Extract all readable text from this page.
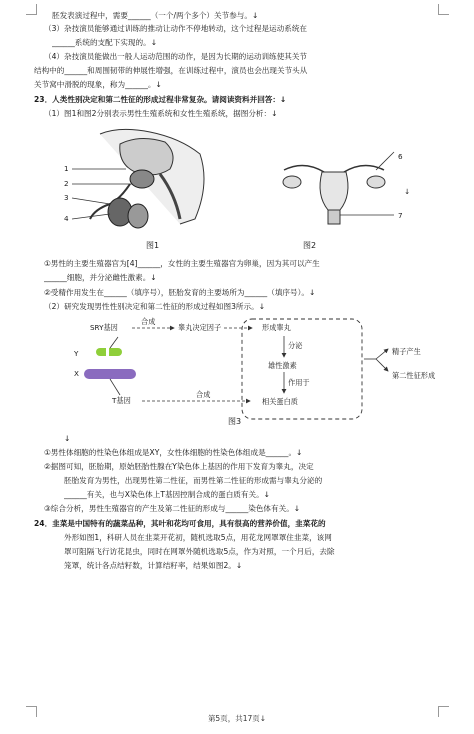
胚发表演过程中，需要______（一个/两个多个）关节参与。↓
（3）杂技演员能够通过训练的推动让动作不停地转动，这个过程是运动系统在
______系统的支配下实现的。↓
（4）杂技演员能做出一般人运动范围的动作，是因为长期的运动训练使其关节
结构中的______和周围韧带的伸展性增强，在训练过程中，演员也会出现关节头从
关节窝中滑脱的现象，称为______。↓
23．人类性别决定和第二性征的形成过程非常复杂。请阅读资料并回答：↓
（1）图1和图2分别表示男性生殖系统和女性生殖系统，据图分析：↓
1
2
3
4
图1
6
7
↓
图2
①男性的主要生殖器官为[4]______，女性的主要生殖器官为卵巢，因为其可以产生
______细胞，并分泌雌性激素。↓
②受精作用发生在______（填序号），胚胎发育的主要场所为______（填序号）。↓
（2）研究发现男性性别决定和第二性征的形成过程如图3所示。↓
SRY基因
Y
X
T基因
合成
合成
睾丸决定因子	形成睾丸
分泌
雄性激素
作用于
相关蛋白质
精子产生
第二性征形成
图3
↓
①男性体细胞的性染色体组成是XY，女性体细胞的性染色体组成是______。↓
②据图可知，胚胎期，原始胚胎性腺在Y染色体上基因的作用下发育为睾丸，决定
胚胎发育为男性，出现男性第二性征，而男性第二性征的形成需与睾丸分泌的
______有关，也与X染色体上T基因控制合成的蛋白质有关。↓
③综合分析，男性生殖器官的产生及第二性征的形成与______染色体有关。↓
24．韭菜是中国特有的蔬菜品种，其叶和花均可食用，具有很高的营养价值，韭菜花的
外形如图1，科研人员在韭菜开花初，随机选取5点，用花龙网罩罩住韭菜，该网
罩可阻隔飞行访花昆虫，同时在网罩外随机选取5点，作为对照，一个月后，去除
笼罩，统计各点结籽数，计算结籽率，结果如图2。↓
第5页，共17页↓
